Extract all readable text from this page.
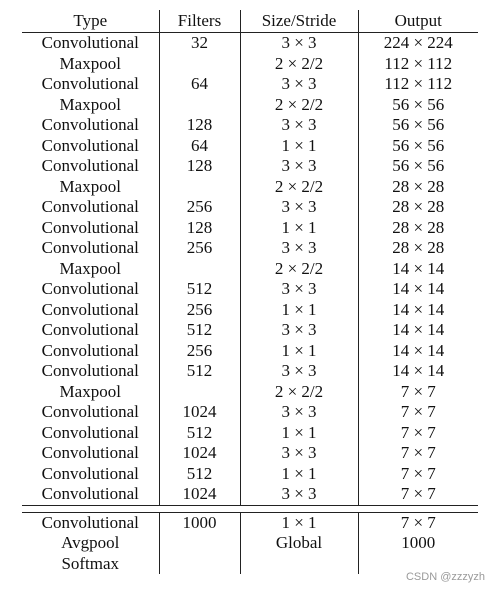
Type	Filters	Size/Stride	Output
Convolutional	32	3 × 3	224 × 224
Maxpool		2 × 2/2	112 × 112
Convolutional	64	3 × 3	112 × 112
Maxpool		2 × 2/2	56 × 56
Convolutional	128	3 × 3	56 × 56
Convolutional	64	1 × 1	56 × 56
Convolutional	128	3 × 3	56 × 56
Maxpool		2 × 2/2	28 × 28
Convolutional	256	3 × 3	28 × 28
Convolutional	128	1 × 1	28 × 28
Convolutional	256	3 × 3	28 × 28
Maxpool		2 × 2/2	14 × 14
Convolutional	512	3 × 3	14 × 14
Convolutional	256	1 × 1	14 × 14
Convolutional	512	3 × 3	14 × 14
Convolutional	256	1 × 1	14 × 14
Convolutional	512	3 × 3	14 × 14
Maxpool		2 × 2/2	7 × 7
Convolutional	1024	3 × 3	7 × 7
Convolutional	512	1 × 1	7 × 7
Convolutional	1024	3 × 3	7 × 7
Convolutional	512	1 × 1	7 × 7
Convolutional	1024	3 × 3	7 × 7

Convolutional	1000	1 × 1	7 × 7
Avgpool		Global	1000
Softmax			
CSDN @zzzyzh
